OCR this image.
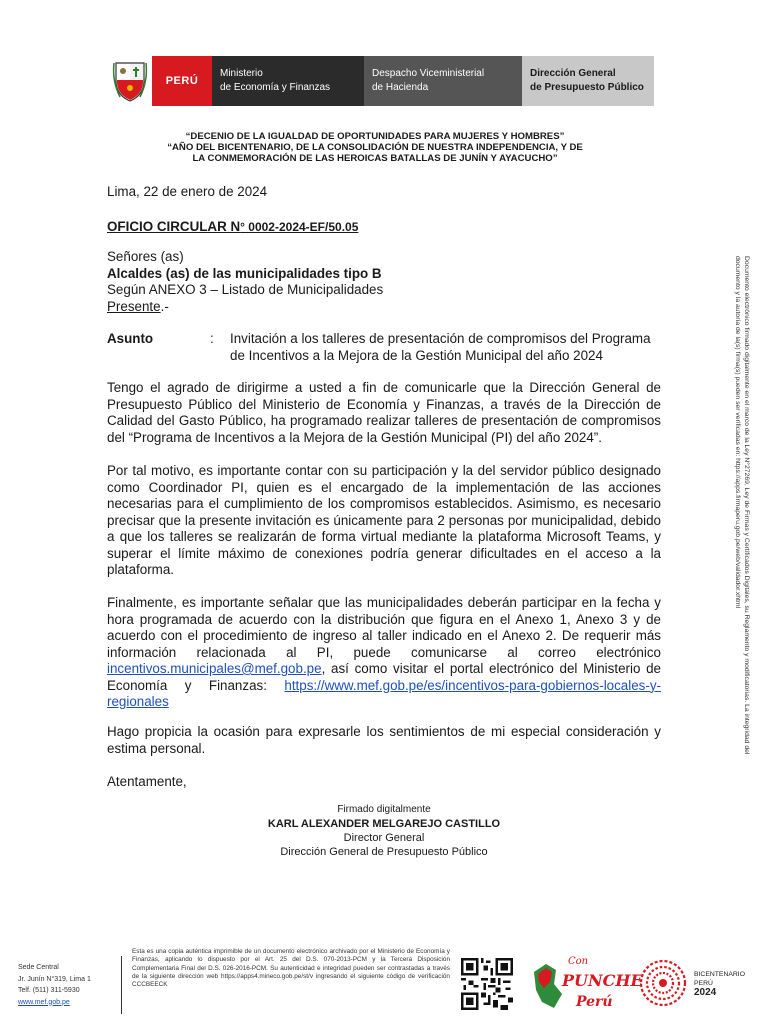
PERÚ
Ministerio
de Economía y Finanzas
Despacho Viceministerial
de Hacienda
Dirección General
de Presupuesto Público
“DECENIO DE LA IGUALDAD DE OPORTUNIDADES PARA MUJERES Y HOMBRES”
“AÑO DEL BICENTENARIO, DE LA CONSOLIDACIÓN DE NUESTRA INDEPENDENCIA, Y DE
LA CONMEMORACIÓN DE LAS HEROICAS BATALLAS DE JUNÍN Y AYACUCHO”
Lima, 22 de enero de 2024
OFICIO CIRCULAR N° 0002-2024-EF/50.05
Señores (as)
Alcaldes (as) de las municipalidades tipo B
Según ANEXO 3 – Listado de Municipalidades
Presente.-
Asunto	:	Invitación a los talleres de presentación de compromisos del Programa de Incentivos a la Mejora de la Gestión Municipal del año 2024
Tengo el agrado de dirigirme a usted a fin de comunicarle que la Dirección General de Presupuesto Público del Ministerio de Economía y Finanzas, a través de la Dirección de Calidad del Gasto Público, ha programado realizar talleres de presentación de compromisos del “Programa de Incentivos a la Mejora de la Gestión Municipal (PI) del año 2024”.
Por tal motivo, es importante contar con su participación y la del servidor público designado como Coordinador PI, quien es el encargado de la implementación de las acciones necesarias para el cumplimiento de los compromisos establecidos. Asimismo, es necesario precisar que la presente invitación es únicamente para 2 personas por municipalidad, debido a que los talleres se realizarán de forma virtual mediante la plataforma Microsoft Teams, y superar el límite máximo de conexiones podría generar dificultades en el acceso a la plataforma.
Finalmente, es importante señalar que las municipalidades deberán participar en la fecha y hora programada de acuerdo con la distribución que figura en el Anexo 1, Anexo 3 y de acuerdo con el procedimiento de ingreso al taller indicado en el Anexo 2. De requerir más información relacionada al PI, puede comunicarse al correo electrónico incentivos.municipales@mef.gob.pe, así como visitar el portal electrónico del Ministerio de Economía y Finanzas: https://www.mef.gob.pe/es/incentivos-para-gobiernos-locales-y-regionales
Hago propicia la ocasión para expresarle los sentimientos de mi especial consideración y estima personal.
Atentamente,
Firmado digitalmente
KARL ALEXANDER MELGAREJO CASTILLO
Director General
Dirección General de Presupuesto Público
Documento electrónico firmado digitalmente en el marco de la Ley N°27269, Ley de Firmas y Certificados Digitales, su Reglamento y modificatorias. La integridad del documento y la autoría de la(s) firma(s) pueden ser verificadas en: https://apps.firmaperu.gob.pe/web/validador.xhtml
Sede Central
Jr. Junín N°319, Lima 1
Telf. (511) 311-5930
www.mef.gob.pe
Esta es una copia auténtica imprimible de un documento electrónico archivado por el Ministerio de Economía y Finanzas, aplicando lo dispuesto por el Art. 25 del D.S. 070-2013-PCM y la Tercera Disposición Complementaria Final del D.S. 026-2016-PCM. Su autenticidad e integridad pueden ser contrastadas a través de la siguiente dirección web https://apps4.mineco.gob.pe/st/v ingresando el siguiente código de verificación CCCBEECK
Con
PUNCHE
Perú
BICENTENARIO
PERÚ
2024
